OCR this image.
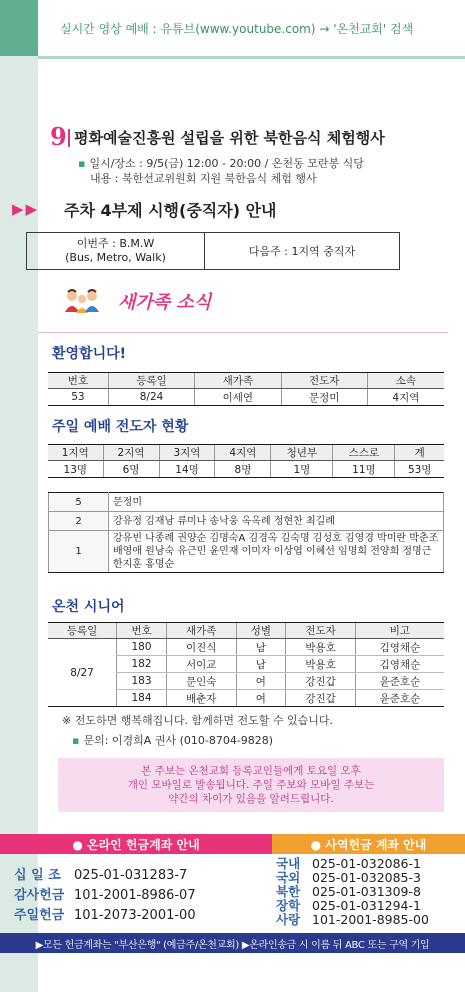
실시간 영상 예배 : 유튜브(www.youtube.com) → '온천교회' 검색
9 평화예술진흥원 설립을 위한 북한음식 체험행사
▪ 일시/장소 : 9/5(금) 12:00 - 20:00 / 온천동 모란봉 식당
내용 : 북한선교위원회 지원 북한음식 체험 행사
▶▶ 주차 4부제 시행(중직자) 안내
이번주 : B.M.W
(Bus, Metro, Walk)	다음주 : 1지역 중직자
새가족 소식
환영합니다!
번호	등록일	새가족	전도자	소속
53	8/24	이세연	문정미	4지역
주일 예배 전도자 현황
1지역	2지역	3지역	4지역	청년부	스스로	계
13명	6명	14명	8명	1명	11명	53명
5	문정미
2	강유정 김재남 류미나 송낙웅 옥옥례 정현찬 최길례
1	강유빈 나종례 권양순 김명숙A 김경옥 김숙명 김성호 김영경 박미란 박춘조 배영애 원남숙 유근민 윤민재 이미자 이상엽 이혜선 임명희 전양희 정명근 한지훈 홍명순
온천 시니어
등록일	번호	새가족	성별	전도자	비고
8/27	180	이진식	남	박용호	김영채순
	182	서이교	남	박용호	김영채순
	183	문인숙	여	강진갑	윤준호순
	184	배춘자	여	강진갑	윤준호순
※ 전도하면 행복해집니다. 함께하면 전도할 수 있습니다.
▪ 문의: 이경희A 권사 (010-8704-9828)
본 주보는 온천교회 등록교인들에게 토요일 오후
개인 모바일로 발송됩니다. 주일 주보와 모바일 주보는
약간의 차이가 있음을 알려드립니다.
● 온라인 헌금계좌 안내	● 사역헌금 계좌 안내
십 일 조 025-01-031283-7
감사헌금 101-2001-8986-07
주일헌금 101-2073-2001-00
국내 025-01-032086-1
국외 025-01-032085-3
북한 025-01-031309-8
장학 025-01-031294-1
사랑 101-2001-8985-00
▶모든 헌금계좌는 "부산은행" (예금주/온천교회) ▶온라인송금 시 이름 뒤 ABC 또는 구역 기입
